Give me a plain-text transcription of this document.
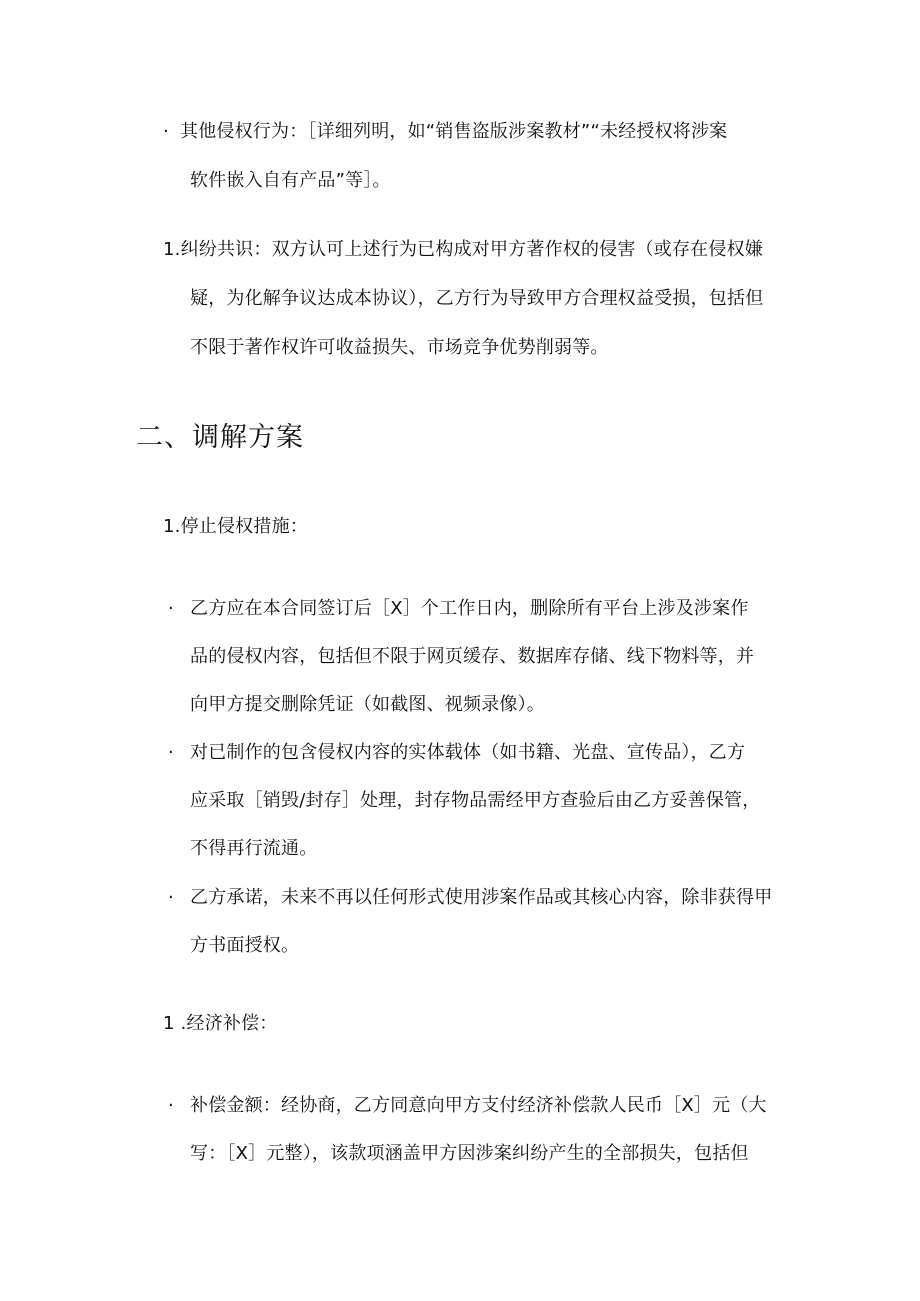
· 其他侵权行为：［详细列明，如“销售盗版涉案教材”“未经授权将涉案
软件嵌入自有产品”等］。
1.纠纷共识：双方认可上述行为已构成对甲方著作权的侵害（或存在侵权嫌
疑，为化解争议达成本协议），乙方行为导致甲方合理权益受损，包括但
不限于著作权许可收益损失、市场竞争优势削弱等。
二、调解方案
1.停止侵权措施：
· 乙方应在本合同签订后［X］个工作日内，删除所有平台上涉及涉案作
品的侵权内容，包括但不限于网页缓存、数据库存储、线下物料等，并
向甲方提交删除凭证（如截图、视频录像）。
· 对已制作的包含侵权内容的实体载体（如书籍、光盘、宣传品），乙方
应采取［销毁/封存］处理，封存物品需经甲方查验后由乙方妥善保管，
不得再行流通。
· 乙方承诺，未来不再以任何形式使用涉案作品或其核心内容，除非获得甲
方书面授权。
1 .经济补偿：
· 补偿金额：经协商，乙方同意向甲方支付经济补偿款人民币［X］元（大
写：［X］元整），该款项涵盖甲方因涉案纠纷产生的全部损失，包括但
